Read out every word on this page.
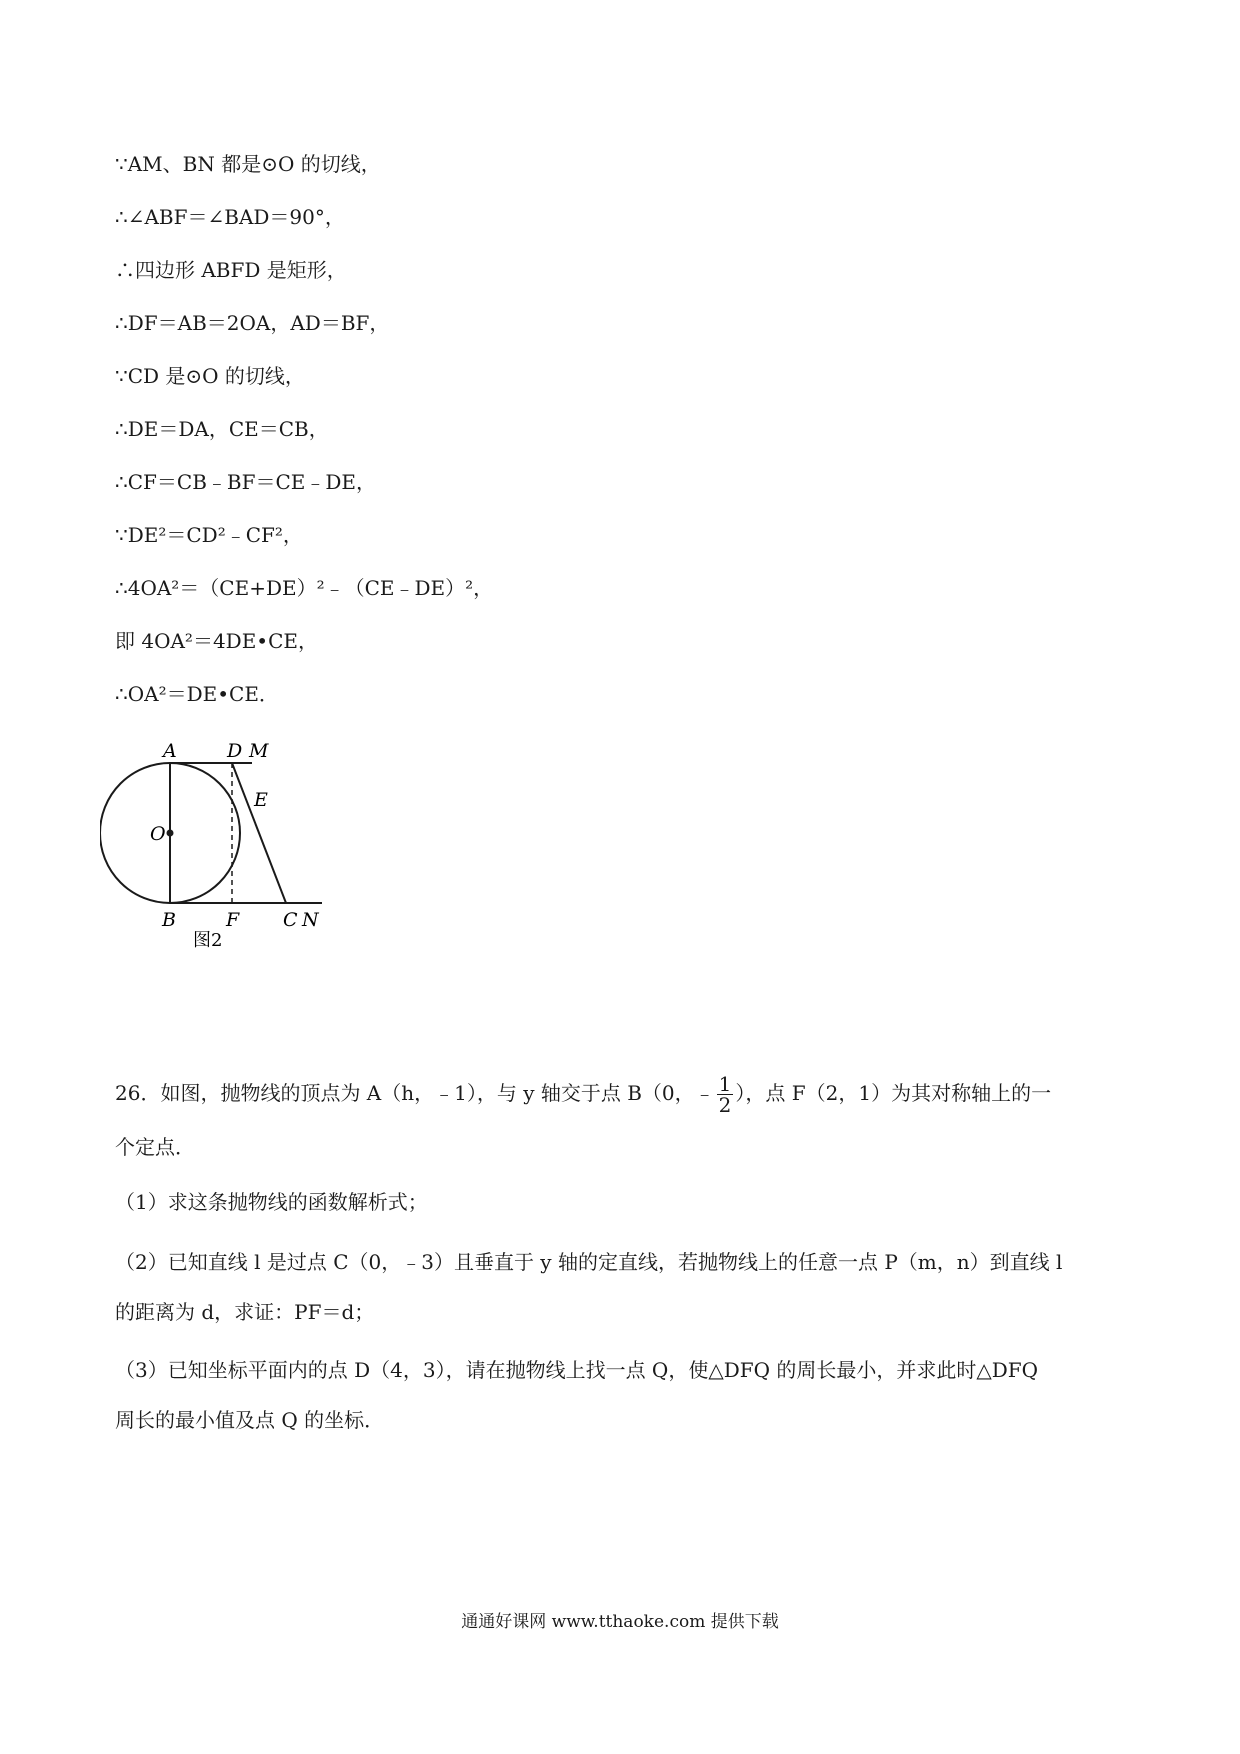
∵AM、BN 都是⊙O 的切线，
∴∠ABF＝∠BAD＝90°，
∴四边形 ABFD 是矩形，
∴DF＝AB＝2OA，AD＝BF，
∵CD 是⊙O 的切线，
∴DE＝DA，CE＝CB，
∴CF＝CB﹣BF＝CE﹣DE，
∵DE²＝CD²﹣CF²，
∴4OA²＝（CE+DE）²﹣（CE﹣DE）²，
即 4OA²＝4DE•CE，
∴OA²＝DE•CE．
A	D M
E
O
B	F C N
图2
26．如图，抛物线的顶点为 A（h，﹣1），与 y 轴交于点 B（0，﹣ $\frac{1}{2}$ ），点 F（2，1）为其对称轴上的一
个定点．
（1）求这条抛物线的函数解析式；
（2）已知直线 l 是过点 C（0，﹣3）且垂直于 y 轴的定直线，若抛物线上的任意一点 P（m，n）到直线 l
的距离为 d，求证：PF＝d；
（3）已知坐标平面内的点 D（4，3），请在抛物线上找一点 Q，使△DFQ 的周长最小，并求此时△DFQ
周长的最小值及点 Q 的坐标．
通通好课网 www.tthaoke.com 提供下载
